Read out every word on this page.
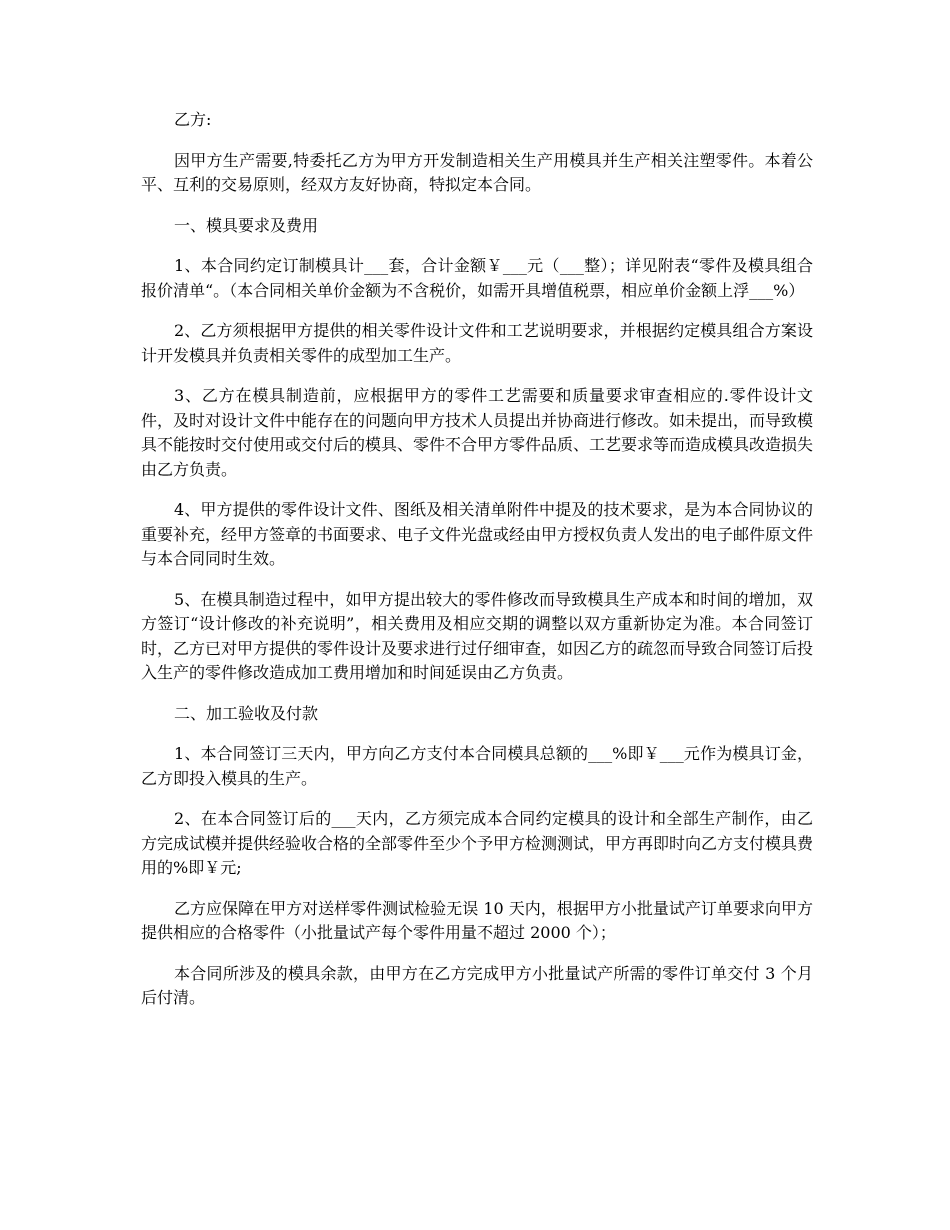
乙方:

因甲方生产需要,特委托乙方为甲方开发制造相关生产用模具并生产相关注塑零件。本着公平、互利的交易原则，经双方友好协商，特拟定本合同。

一、模具要求及费用

1、本合同约定订制模具计___套，合计金额￥___元（___整）；详见附表“零件及模具组合报价清单“。（本合同相关单价金额为不含税价，如需开具增值税票，相应单价金额上浮___%）

2、乙方须根据甲方提供的相关零件设计文件和工艺说明要求，并根据约定模具组合方案设计开发模具并负责相关零件的成型加工生产。

3、乙方在模具制造前，应根据甲方的零件工艺需要和质量要求审查相应的.零件设计文件，及时对设计文件中能存在的问题向甲方技术人员提出并协商进行修改。如未提出，而导致模具不能按时交付使用或交付后的模具、零件不合甲方零件品质、工艺要求等而造成模具改造损失由乙方负责。

4、甲方提供的零件设计文件、图纸及相关清单附件中提及的技术要求，是为本合同协议的重要补充，经甲方签章的书面要求、电子文件光盘或经由甲方授权负责人发出的电子邮件原文件与本合同同时生效。

5、在模具制造过程中，如甲方提出较大的零件修改而导致模具生产成本和时间的增加，双方签订“设计修改的补充说明”，相关费用及相应交期的调整以双方重新协定为准。本合同签订时，乙方已对甲方提供的零件设计及要求进行过仔细审查，如因乙方的疏忽而导致合同签订后投入生产的零件修改造成加工费用增加和时间延误由乙方负责。

二、加工验收及付款

1、本合同签订三天内，甲方向乙方支付本合同模具总额的___%即￥___元作为模具订金，乙方即投入模具的生产。

2、在本合同签订后的___天内，乙方须完成本合同约定模具的设计和全部生产制作，由乙方完成试模并提供经验收合格的全部零件至少个予甲方检测测试，甲方再即时向乙方支付模具费用的%即￥元;

乙方应保障在甲方对送样零件测试检验无误 10 天内，根据甲方小批量试产订单要求向甲方提供相应的合格零件（小批量试产每个零件用量不超过 2000 个）；

本合同所涉及的模具余款，由甲方在乙方完成甲方小批量试产所需的零件订单交付 3 个月后付清。
